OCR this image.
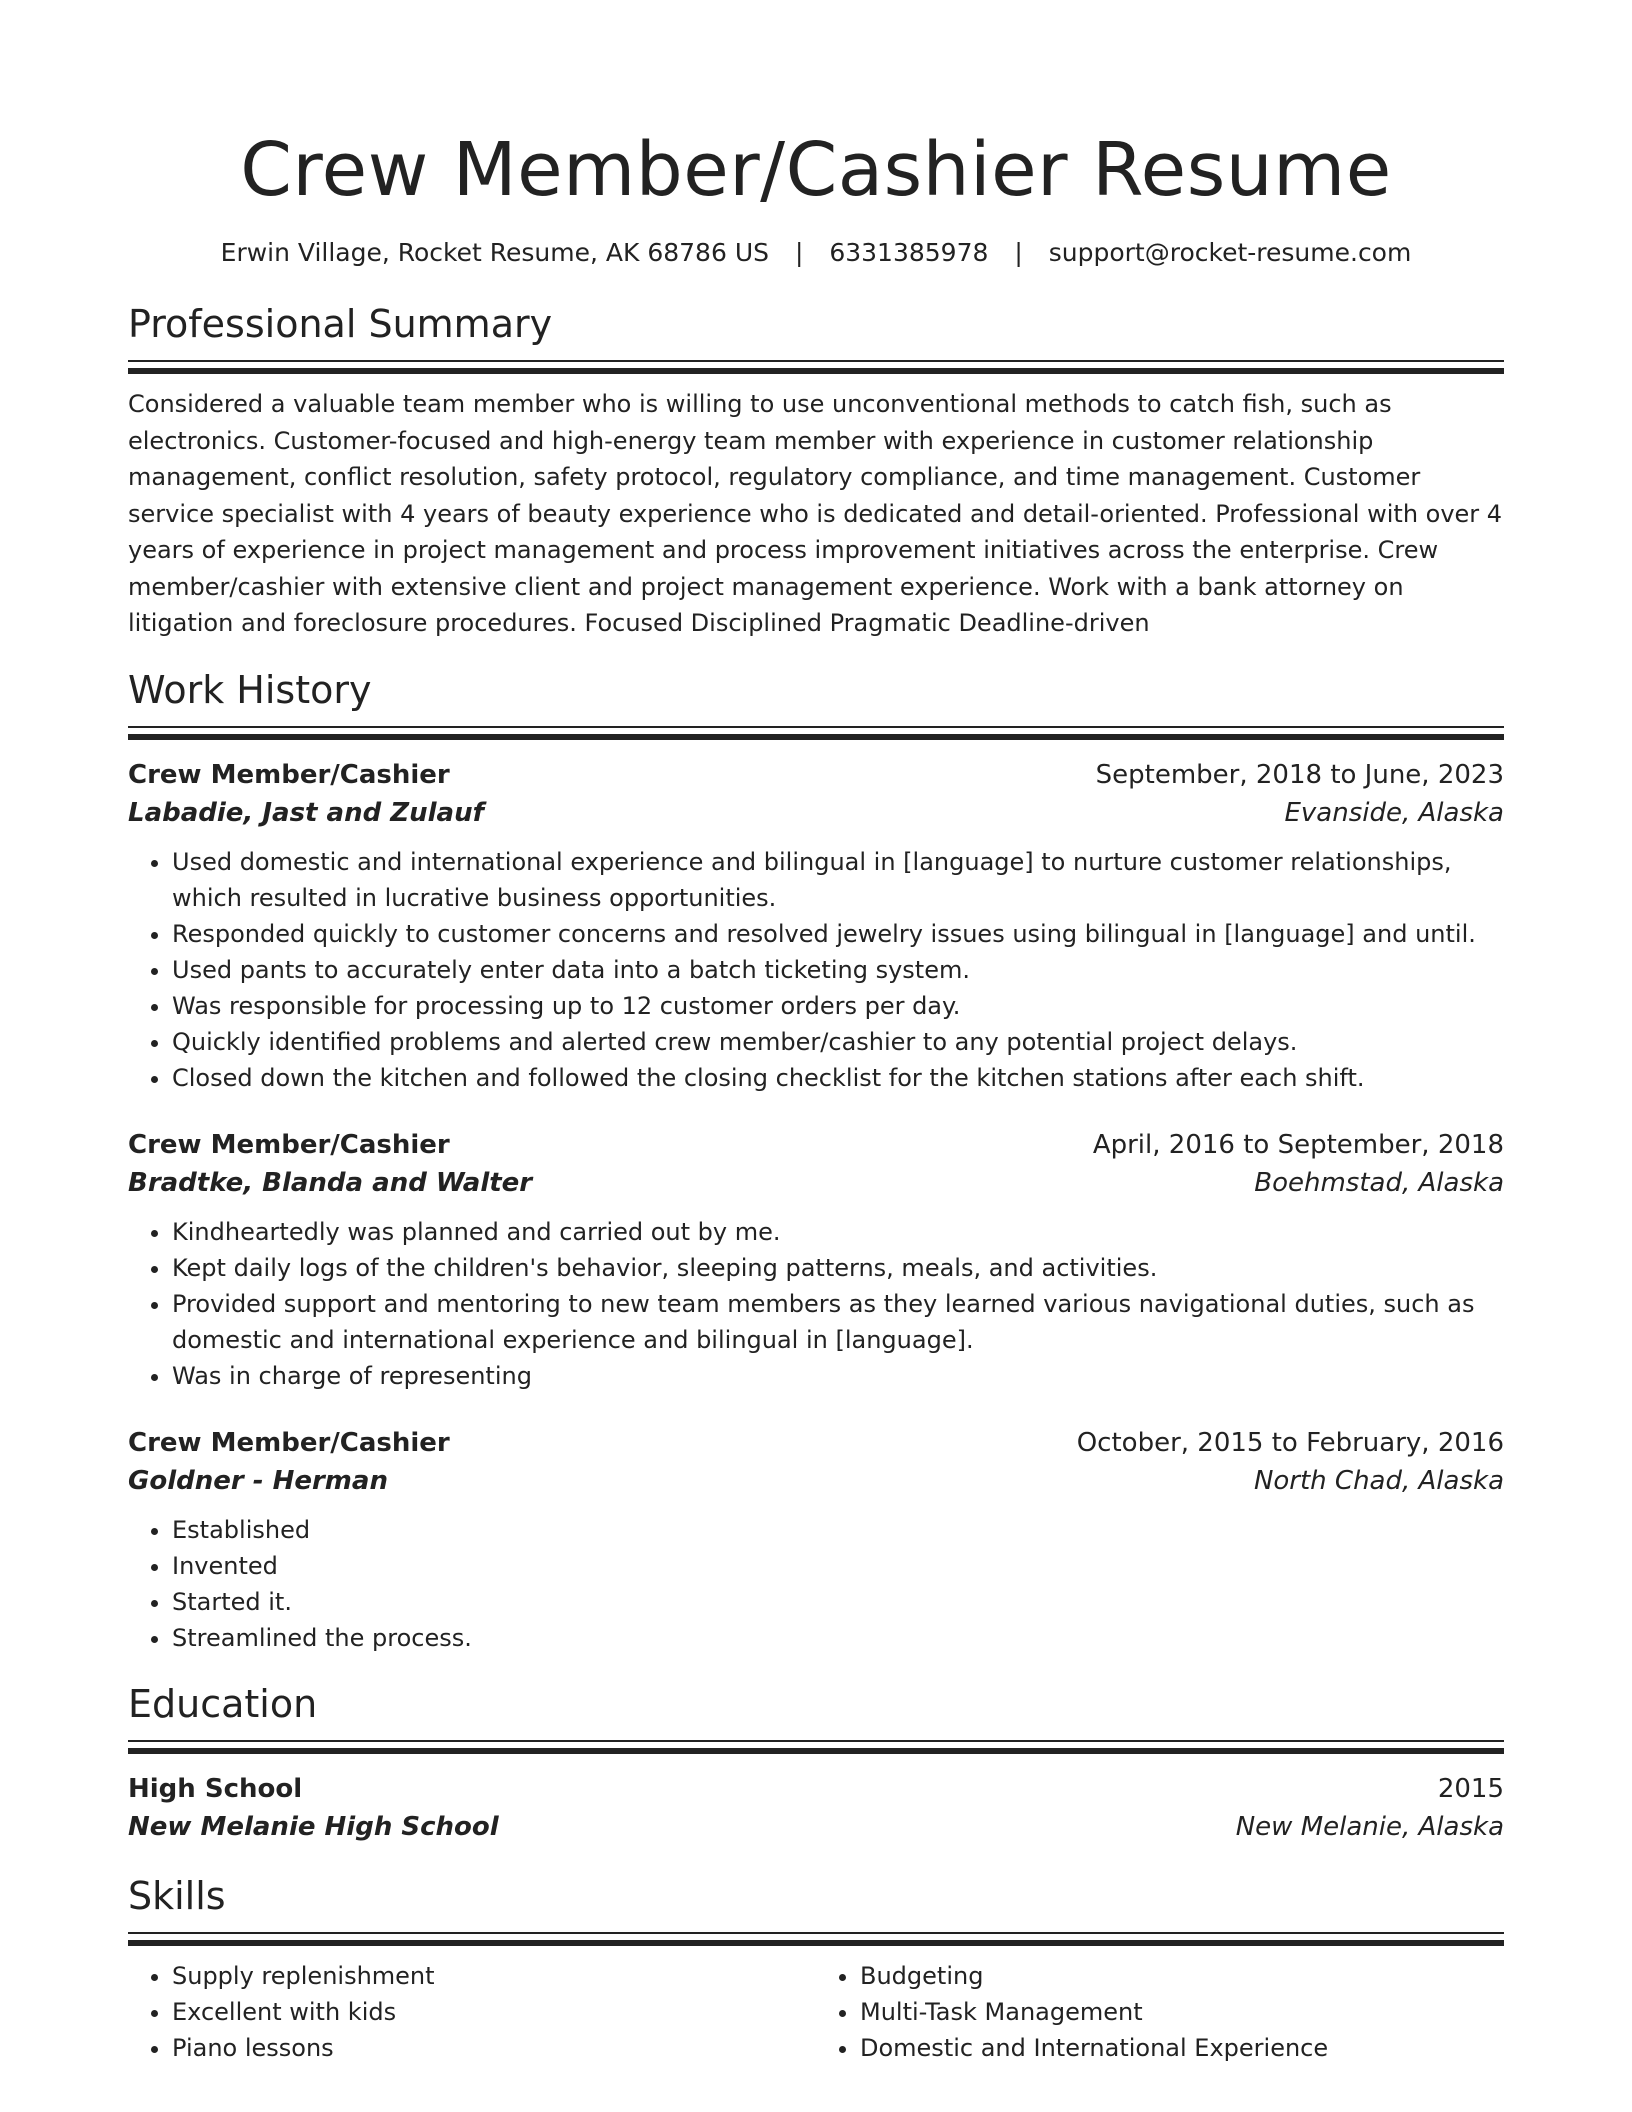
Crew Member/Cashier Resume
Erwin Village, Rocket Resume, AK 68786 US | 6331385978 | support@rocket-resume.com
Professional Summary
Considered a valuable team member who is willing to use unconventional methods to catch fish, such as electronics. Customer-focused and high-energy team member with experience in customer relationship management, conflict resolution, safety protocol, regulatory compliance, and time management. Customer service specialist with 4 years of beauty experience who is dedicated and detail-oriented. Professional with over 4 years of experience in project management and process improvement initiatives across the enterprise. Crew member/cashier with extensive client and project management experience. Work with a bank attorney on litigation and foreclosure procedures. Focused Disciplined Pragmatic Deadline-driven
Work History
Crew Member/Cashier	September, 2018 to June, 2023
Labadie, Jast and Zulauf	Evanside, Alaska
• Used domestic and international experience and bilingual in [language] to nurture customer relationships, which resulted in lucrative business opportunities.
• Responded quickly to customer concerns and resolved jewelry issues using bilingual in [language] and until.
• Used pants to accurately enter data into a batch ticketing system.
• Was responsible for processing up to 12 customer orders per day.
• Quickly identified problems and alerted crew member/cashier to any potential project delays.
• Closed down the kitchen and followed the closing checklist for the kitchen stations after each shift.
Crew Member/Cashier	April, 2016 to September, 2018
Bradtke, Blanda and Walter	Boehmstad, Alaska
• Kindheartedly was planned and carried out by me.
• Kept daily logs of the children's behavior, sleeping patterns, meals, and activities.
• Provided support and mentoring to new team members as they learned various navigational duties, such as domestic and international experience and bilingual in [language].
• Was in charge of representing
Crew Member/Cashier	October, 2015 to February, 2016
Goldner - Herman	North Chad, Alaska
• Established
• Invented
• Started it.
• Streamlined the process.
Education
High School	2015
New Melanie High School	New Melanie, Alaska
Skills
• Supply replenishment
• Excellent with kids
• Piano lessons
• Budgeting
• Multi-Task Management
• Domestic and International Experience
